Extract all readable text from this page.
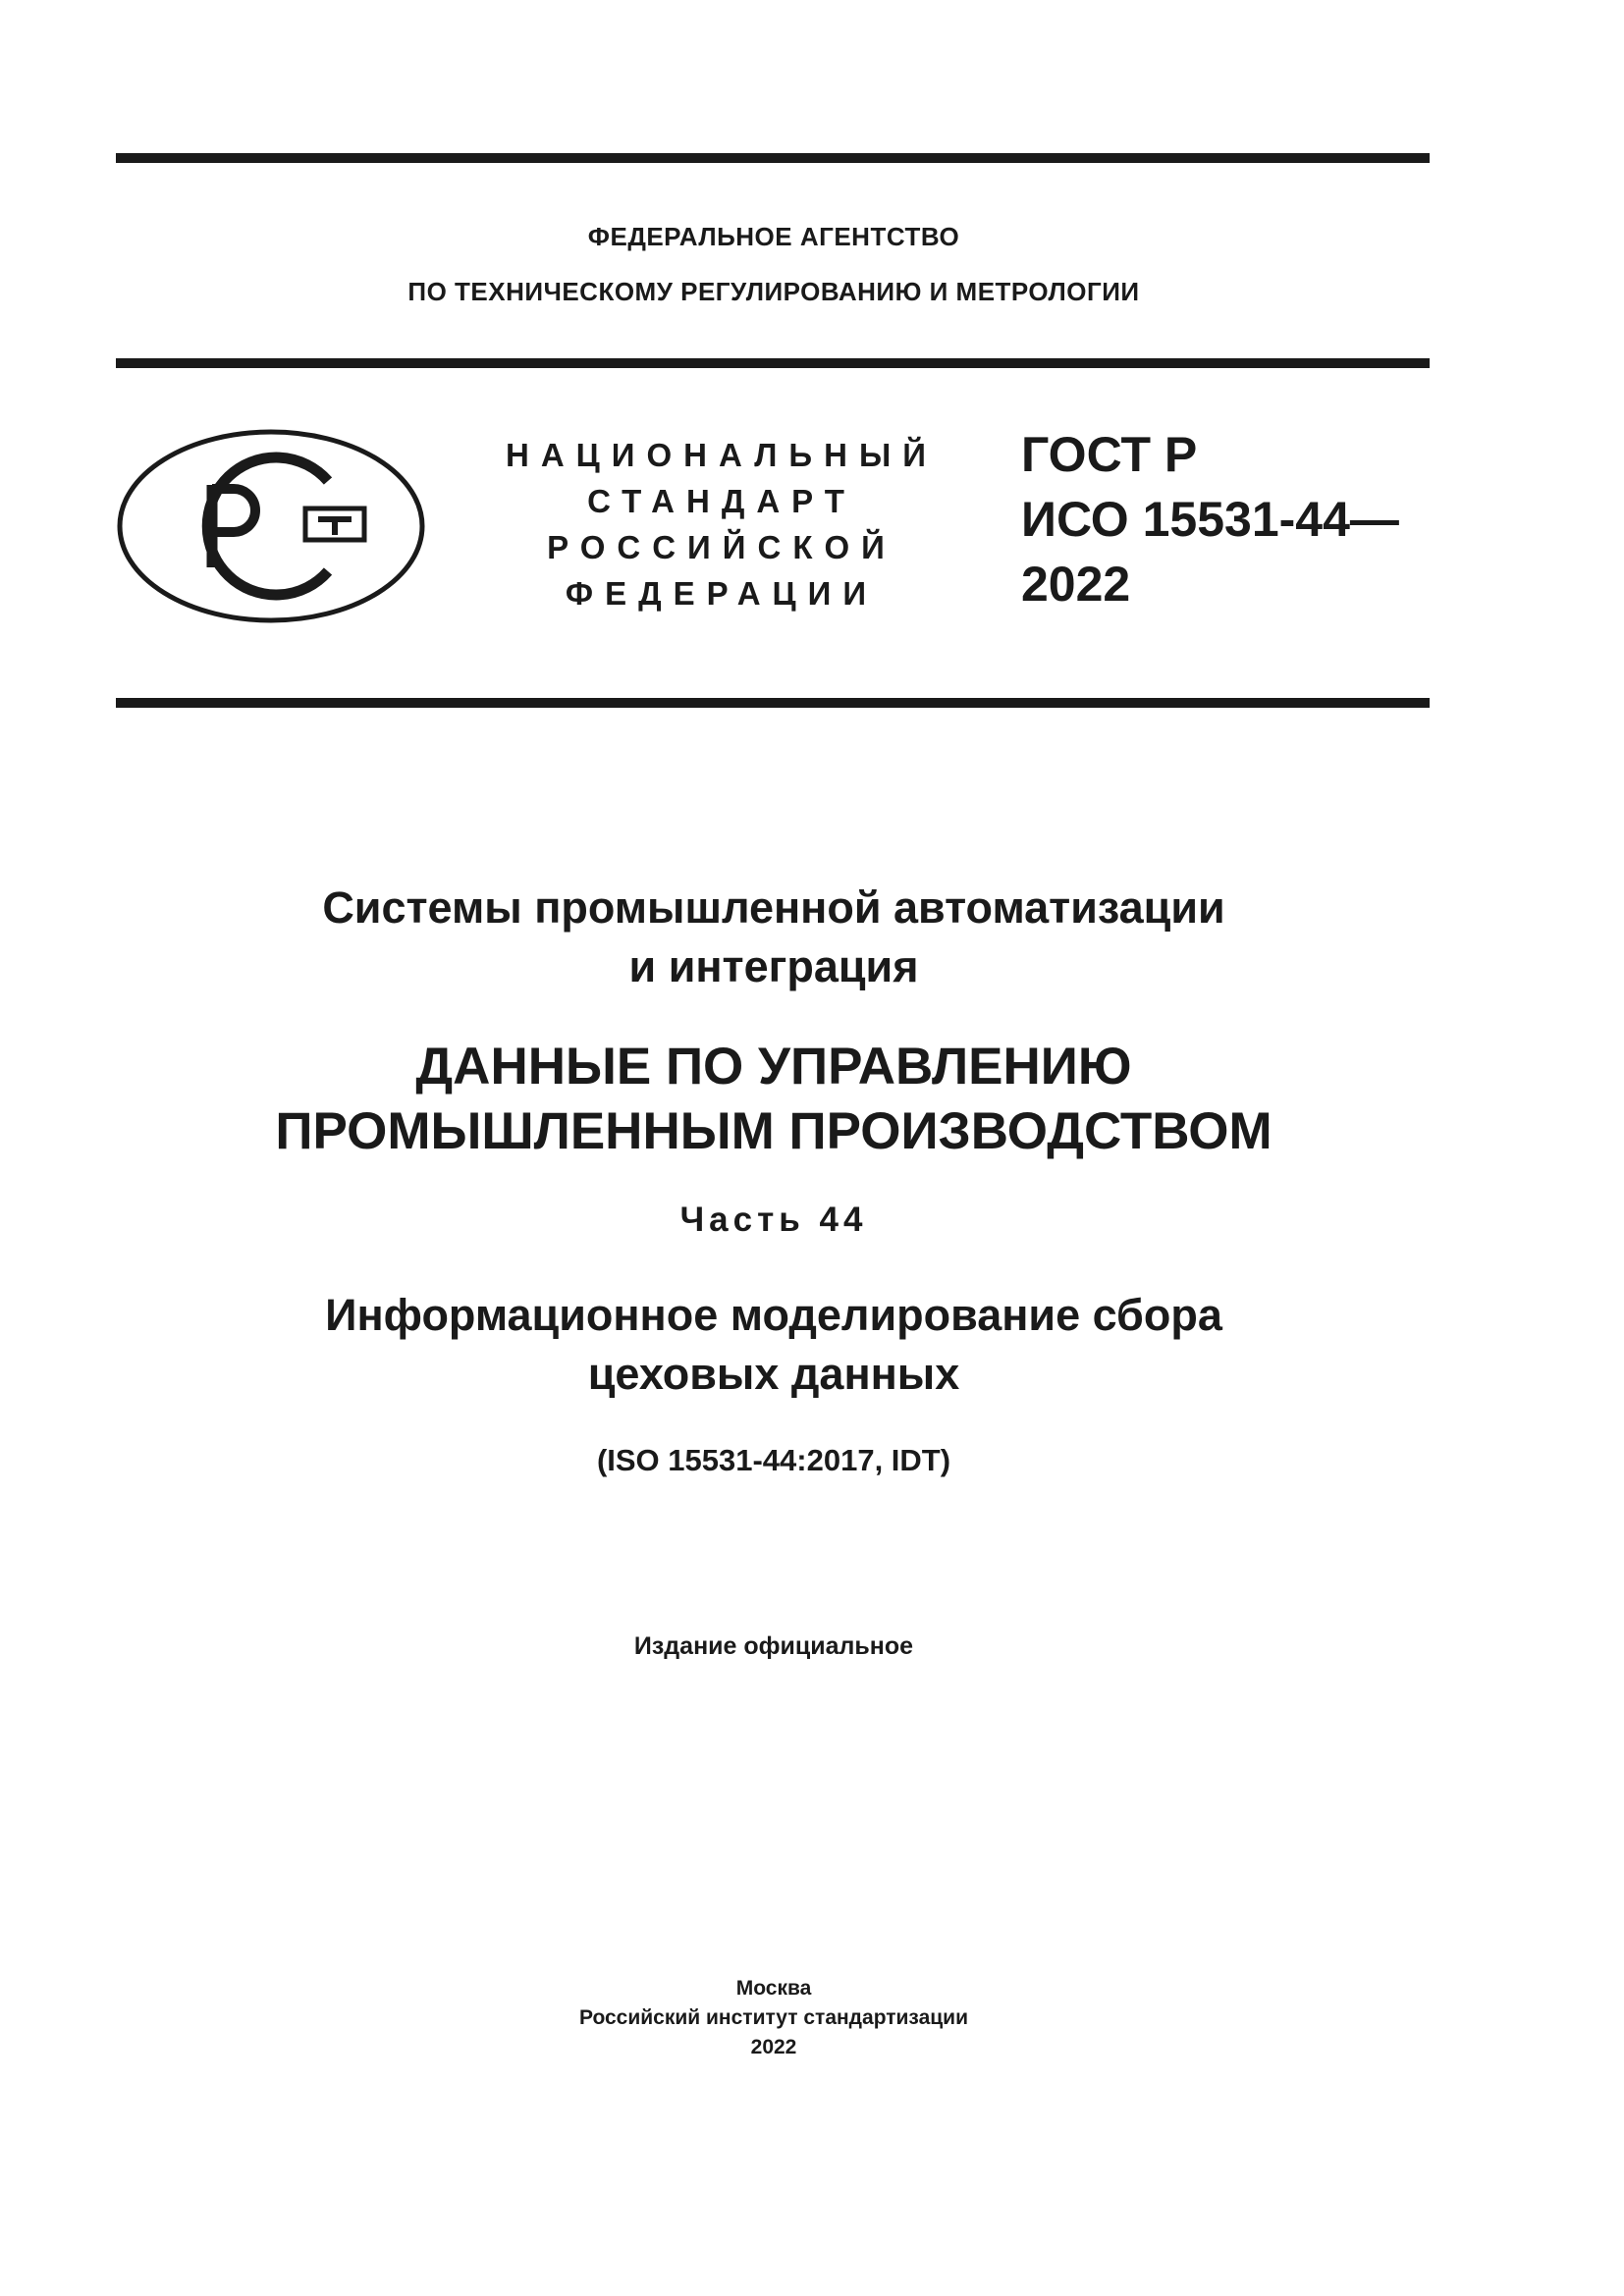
ФЕДЕРАЛЬНОЕ АГЕНТСТВО
ПО ТЕХНИЧЕСКОМУ РЕГУЛИРОВАНИЮ И МЕТРОЛОГИИ
НАЦИОНАЛЬНЫЙ
СТАНДАРТ
РОССИЙСКОЙ
ФЕДЕРАЦИИ
ГОСТ Р
ИСО 15531-44—
2022
Системы промышленной автоматизации
и интеграция
ДАННЫЕ ПО УПРАВЛЕНИЮ
ПРОМЫШЛЕННЫМ ПРОИЗВОДСТВОМ
Часть 44
Информационное моделирование сбора
цеховых данных
(ISO 15531-44:2017, IDT)
Издание официальное
Москва
Российский институт стандартизации
2022
